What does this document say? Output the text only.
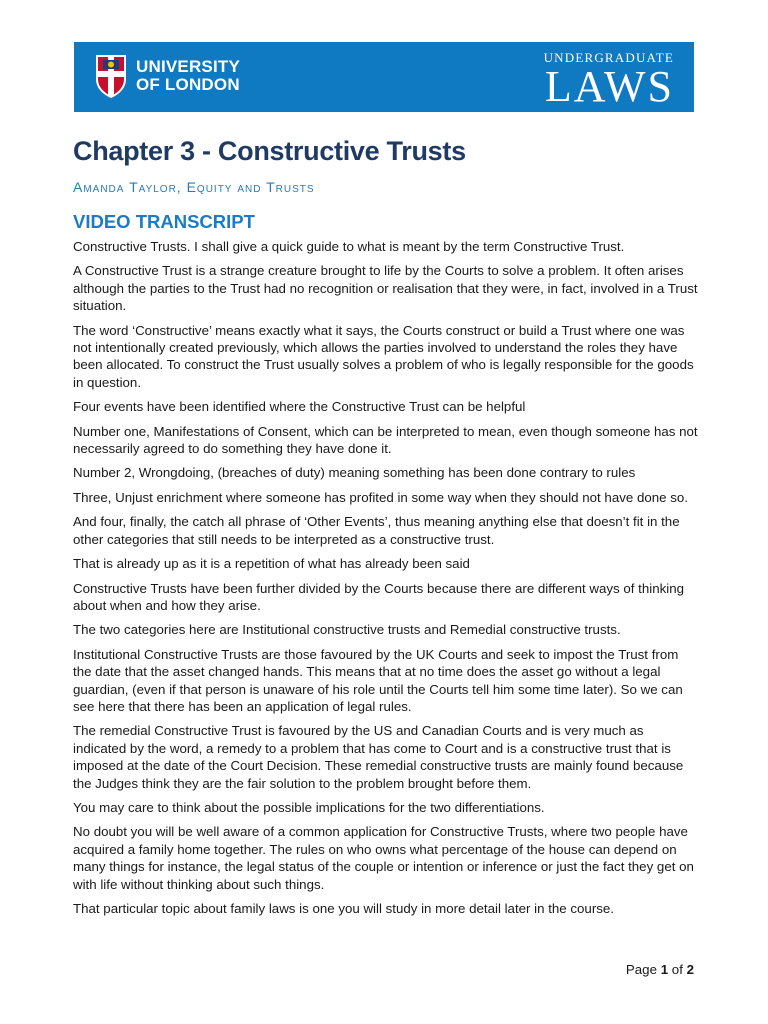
UNIVERSITY
OF LONDON
UNDERGRADUATE
LAWS
Chapter 3 - Constructive Trusts
Amanda Taylor, Equity and Trusts
VIDEO TRANSCRIPT

Constructive Trusts. I shall give a quick guide to what is meant by the term Constructive Trust.

A Constructive Trust is a strange creature brought to life by the Courts to solve a problem. It often arises although the parties to the Trust had no recognition or realisation that they were, in fact, involved in a Trust situation.

The word ‘Constructive’ means exactly what it says, the Courts construct or build a Trust where one was not intentionally created previously, which allows the parties involved to understand the roles they have been allocated. To construct the Trust usually solves a problem of who is legally responsible for the goods in question.

Four events have been identified where the Constructive Trust can be helpful

Number one, Manifestations of Consent, which can be interpreted to mean, even though someone has not necessarily agreed to do something they have done it.

Number 2, Wrongdoing, (breaches of duty) meaning something has been done contrary to rules

Three, Unjust enrichment where someone has profited in some way when they should not have done so.

And four, finally, the catch all phrase of ‘Other Events’, thus meaning anything else that doesn’t fit in the other categories that still needs to be interpreted as a constructive trust.

That is already up as it is a repetition of what has already been said

Constructive Trusts have been further divided by the Courts because there are different ways of thinking about when and how they arise.

The two categories here are Institutional constructive trusts and Remedial constructive trusts.

Institutional Constructive Trusts are those favoured by the UK Courts and seek to impost the Trust from the date that the asset changed hands. This means that at no time does the asset go without a legal guardian, (even if that person is unaware of his role until the Courts tell him some time later). So we can see here that there has been an application of legal rules.

The remedial Constructive Trust is favoured by the US and Canadian Courts and is very much as indicated by the word, a remedy to a problem that has come to Court and is a constructive trust that is imposed at the date of the Court Decision. These remedial constructive trusts are mainly found because the Judges think they are the fair solution to the problem brought before them.

You may care to think about the possible implications for the two differentiations.

No doubt you will be well aware of a common application for Constructive Trusts, where two people have acquired a family home together. The rules on who owns what percentage of the house can depend on many things for instance, the legal status of the couple or intention or inference or just the fact they get on with life without thinking about such things.

That particular topic about family laws is one you will study in more detail later in the course.

Page 1 of 2
